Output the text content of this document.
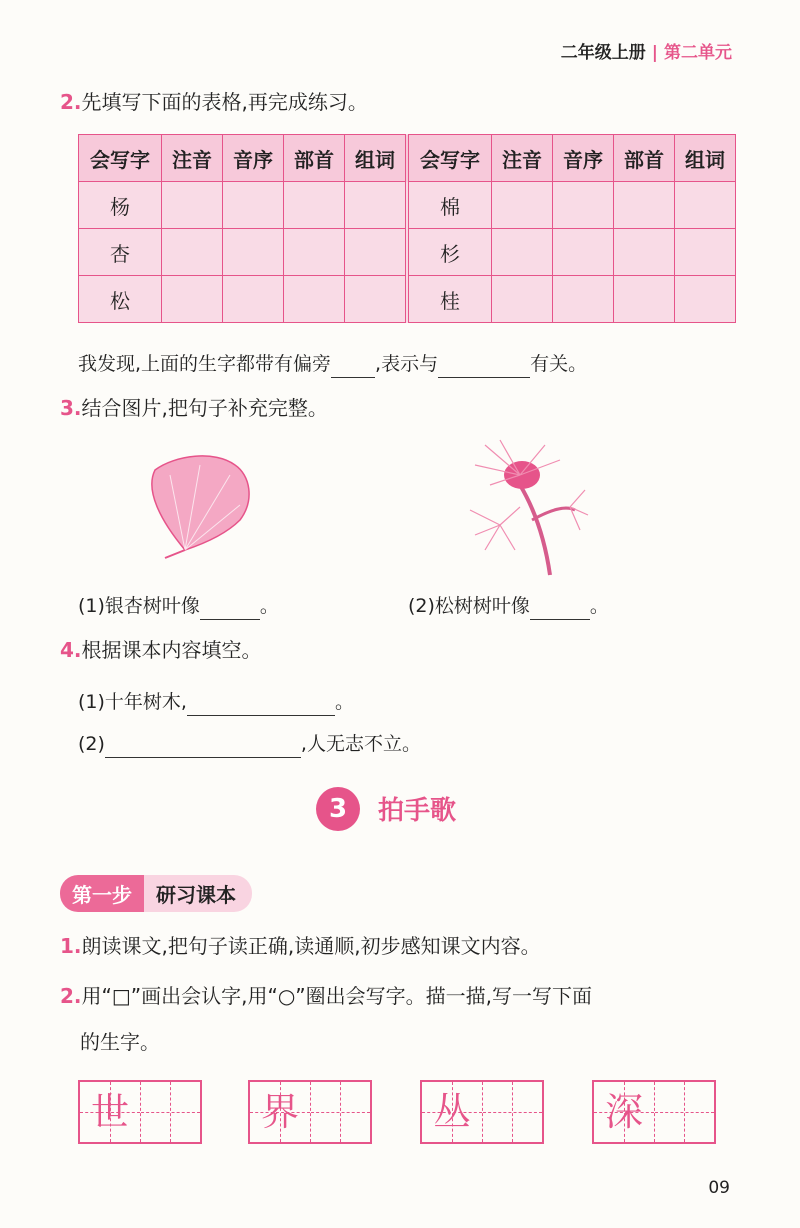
二年级上册 | 第二单元
2.先填写下面的表格,再完成练习。
会写字	注音	音序	部首	组词	会写字	注音	音序	部首	组词
杨					棉				
杏					杉				
松					桂				
我发现,上面的生字都带有偏旁 ,表示与	有关。
3.结合图片,把句子补充完整。
(1)银杏树叶像	。	(2)松树树叶像	。
4.根据课本内容填空。
(1)十年树木,	。
(2)	,人无志不立。
3	拍手歌
第一步	研习课本
1.朗读课文,把句子读正确,读通顺,初步感知课文内容。
2.用“□”画出会认字,用“○”圈出会写字。描一描,写一写下面
的生字。
世	界	丛	深
09
